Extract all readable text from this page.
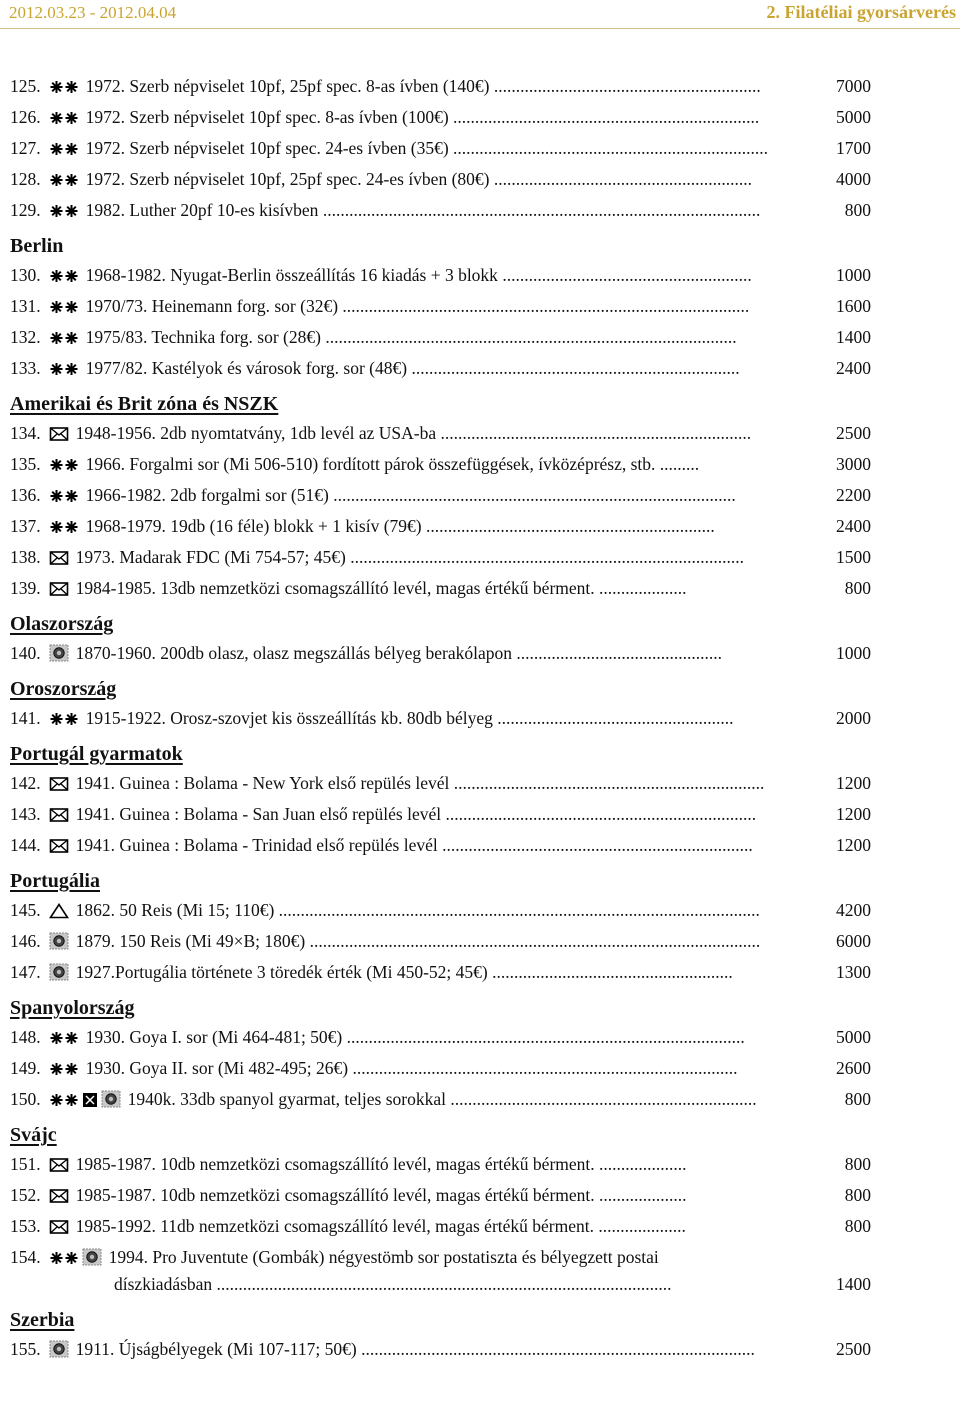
2012.03.23 - 2012.04.04	2. Filatéliai gyorsárverés
125.	1972. Szerb népviselet 10pf, 25pf spec. 8-as ívben (140€) .............................................................	7000
126.	1972. Szerb népviselet 10pf spec. 8-as ívben (100€) ......................................................................	5000
127.	1972. Szerb népviselet 10pf spec. 24-es ívben (35€) ........................................................................	1700
128.	1972. Szerb népviselet 10pf, 25pf spec. 24-es ívben (80€) ...........................................................	4000
129.	1982. Luther 20pf 10-es kisívben ....................................................................................................	800
Berlin
130.	1968-1982. Nyugat-Berlin összeállítás 16 kiadás + 3 blokk .........................................................	1000
131.	1970/73. Heinemann forg. sor (32€) .............................................................................................	1600
132.	1975/83. Technika forg. sor (28€) ..............................................................................................	1400
133.	1977/82. Kastélyok és városok forg. sor (48€) ...........................................................................	2400
Amerikai és Brit zóna és NSZK
134. 1948-1956. 2db nyomtatvány, 1db levél az USA-ba .......................................................................	2500
135.	1966. Forgalmi sor (Mi 506-510) fordított párok összefüggések, ívközéprész, stb. .........	3000
136.	1966-1982. 2db forgalmi sor (51€) ............................................................................................	2200
137.	1968-1979. 19db (16 féle) blokk + 1 kisív (79€) ..................................................................	2400
138. 1973. Madarak FDC (Mi 754-57; 45€) ..........................................................................................	1500
139. 1984-1985. 13db nemzetközi csomagszállító levél, magas értékű bérment. ....................	800
Olaszország
140. 1870-1960. 200db olasz, olasz megszállás bélyeg berakólapon ...............................................	1000
Oroszország
141.	1915-1922. Orosz-szovjet kis összeállítás kb. 80db bélyeg ......................................................	2000
Portugál gyarmatok
142. 1941. Guinea : Bolama - New York első repülés levél .......................................................................	1200
143. 1941. Guinea : Bolama - San Juan első repülés levél .......................................................................	1200
144. 1941. Guinea : Bolama - Trinidad első repülés levél .......................................................................	1200
Portugália
145. 1862. 50 Reis (Mi 15; 110€) ..............................................................................................................	4200
146. 1879. 150 Reis (Mi 49×B; 180€) .......................................................................................................	6000
147. 1927.Portugália története 3 töredék érték (Mi 450-52; 45€) .......................................................	1300
Spanyolország
148.	1930. Goya I. sor (Mi 464-481; 50€) ...........................................................................................	5000
149.	1930. Goya II. sor (Mi 482-495; 26€) ........................................................................................	2600
150.	1940k. 33db spanyol gyarmat, teljes sorokkal ......................................................................	800
Svájc
151. 1985-1987. 10db nemzetközi csomagszállító levél, magas értékű bérment. ....................	800
152. 1985-1987. 10db nemzetközi csomagszállító levél, magas értékű bérment. ....................	800
153. 1985-1992. 11db nemzetközi csomagszállító levél, magas értékű bérment. ....................	800
154.	1994. Pro Juventute (Gombák) négyestömb sor postatiszta és bélyegzett postai
díszkiadásban ........................................................................................................	1400
Szerbia
155. 1911. Újságbélyegek (Mi 107-117; 50€) ..........................................................................................	2500
